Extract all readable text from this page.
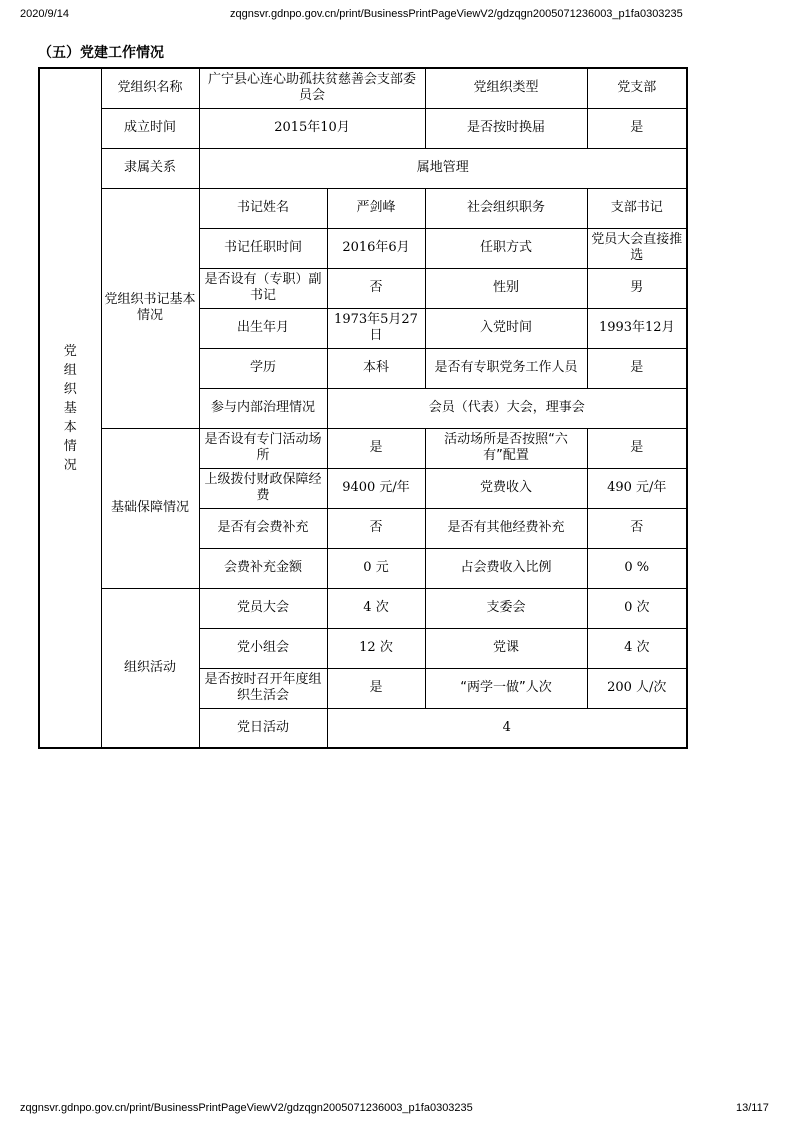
2020/9/14	zqgnsvr.gdnpo.gov.cn/print/BusinessPrintPageViewV2/gdzqgn2005071236003_p1fa0303235
（五）党建工作情况
党组织基本情况	党组织名称	广宁县心连心助孤扶贫慈善会支部委员会		党组织类型	党支部
	成立时间	2015年10月		是否按时换届	是
	隶属关系	属地管理			
	党组织书记基本情况	书记姓名	严剑峰	社会组织职务	支部书记
		书记任职时间	2016年6月	任职方式	党员大会直接推选
		是否设有（专职）副书记	否	性别	男
		出生年月	1973年5月27日	入党时间	1993年12月
		学历	本科	是否有专职党务工作人员	是
		参与内部治理情况	会员（代表）大会，理事会		
	基础保障情况	是否设有专门活动场所	是	活动场所是否按照“六有”配置	是
		上级拨付财政保障经费	9400 元/年	党费收入	490 元/年
		是否有会费补充	否	是否有其他经费补充	否
		会费补充金额	0 元	占会费收入比例	0 %
	组织活动	党员大会	4 次	支委会	0 次
		党小组会	12 次	党课	4 次
		是否按时召开年度组织生活会	是	“两学一做”人次	200 人/次
		党日活动	4		
zqgnsvr.gdnpo.gov.cn/print/BusinessPrintPageViewV2/gdzqgn2005071236003_p1fa0303235	13/117
